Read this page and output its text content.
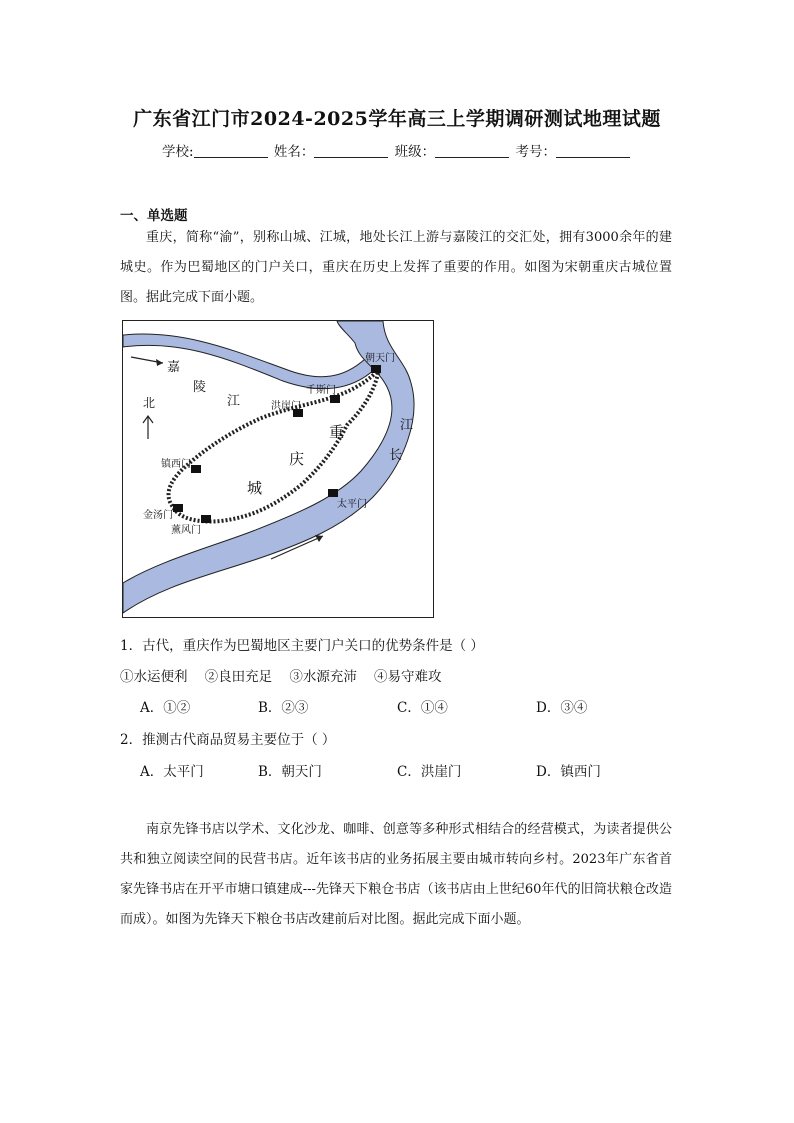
广东省江门市2024-2025学年高三上学期调研测试地理试题
学校:	姓名：	班级：	考号：
一、单选题
重庆，简称“渝”，别称山城、江城，地处长江上游与嘉陵江的交汇处，拥有3000余年的建城史。作为巴蜀地区的门户关口，重庆在历史上发挥了重要的作用。如图为宋朝重庆古城位置图。据此完成下面小题。
嘉
陵
江
江
长
重
庆
城
北
朝天门
千斯门
洪崖门
镇西门
金汤门
薰风门
太平门
1．古代，重庆作为巴蜀地区主要门户关口的优势条件是（ ）
①水运便利 ②良田充足 ③水源充沛 ④易守难攻
A．①②	B．②③	C．①④	D．③④
2．推测古代商品贸易主要位于（ ）
A．太平门	B．朝天门	C．洪崖门	D．镇西门
南京先锋书店以学术、文化沙龙、咖啡、创意等多种形式相结合的经营模式，为读者提供公共和独立阅读空间的民营书店。近年该书店的业务拓展主要由城市转向乡村。2023年广东省首家先锋书店在开平市塘口镇建成---先锋天下粮仓书店（该书店由上世纪60年代的旧筒状粮仓改造而成）。如图为先锋天下粮仓书店改建前后对比图。据此完成下面小题。
